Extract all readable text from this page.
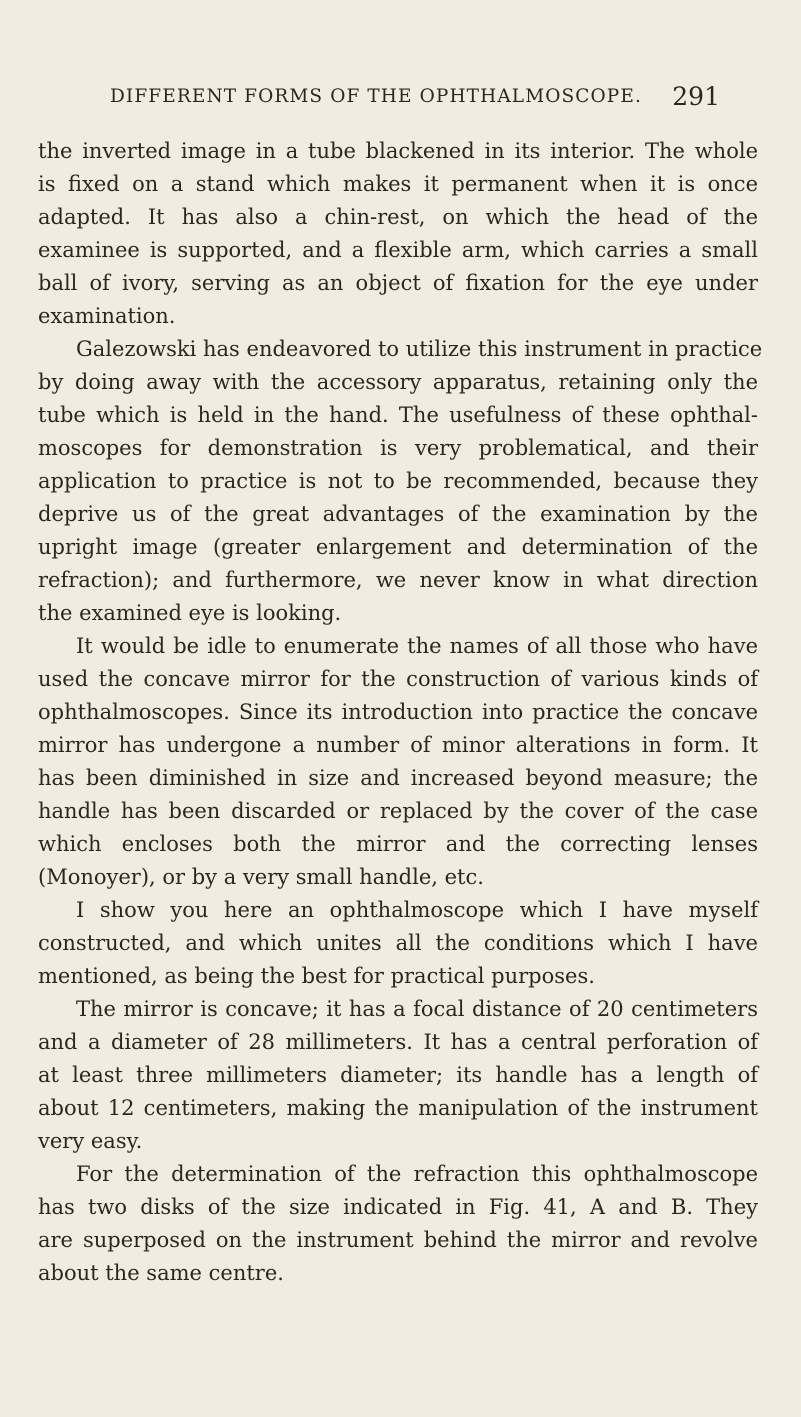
DIFFERENT FORMS OF THE OPHTHALMOSCOPE. 291
the inverted image in a tube blackened in its interior. The whole
is fixed on a stand which makes it permanent when it is once
adapted. It has also a chin-rest, on which the head of the
examinee is supported, and a flexible arm, which carries a small
ball of ivory, serving as an object of fixation for the eye under
examination.
Galezowski has endeavored to utilize this instrument in practice
by doing away with the accessory apparatus, retaining only the
tube which is held in the hand. The usefulness of these ophthal-
moscopes for demonstration is very problematical, and their
application to practice is not to be recommended, because they
deprive us of the great advantages of the examination by the
upright image (greater enlargement and determination of the
refraction); and furthermore, we never know in what direction
the examined eye is looking.
It would be idle to enumerate the names of all those who have
used the concave mirror for the construction of various kinds of
ophthalmoscopes. Since its introduction into practice the concave
mirror has undergone a number of minor alterations in form. It
has been diminished in size and increased beyond measure; the
handle has been discarded or replaced by the cover of the case
which encloses both the mirror and the correcting lenses
(Monoyer), or by a very small handle, etc.
I show you here an ophthalmoscope which I have myself
constructed, and which unites all the conditions which I have
mentioned, as being the best for practical purposes.
The mirror is concave; it has a focal distance of 20 centimeters
and a diameter of 28 millimeters. It has a central perforation of
at least three millimeters diameter; its handle has a length of
about 12 centimeters, making the manipulation of the instrument
very easy.
For the determination of the refraction this ophthalmoscope
has two disks of the size indicated in Fig. 41, A and B. They
are superposed on the instrument behind the mirror and revolve
about the same centre.
